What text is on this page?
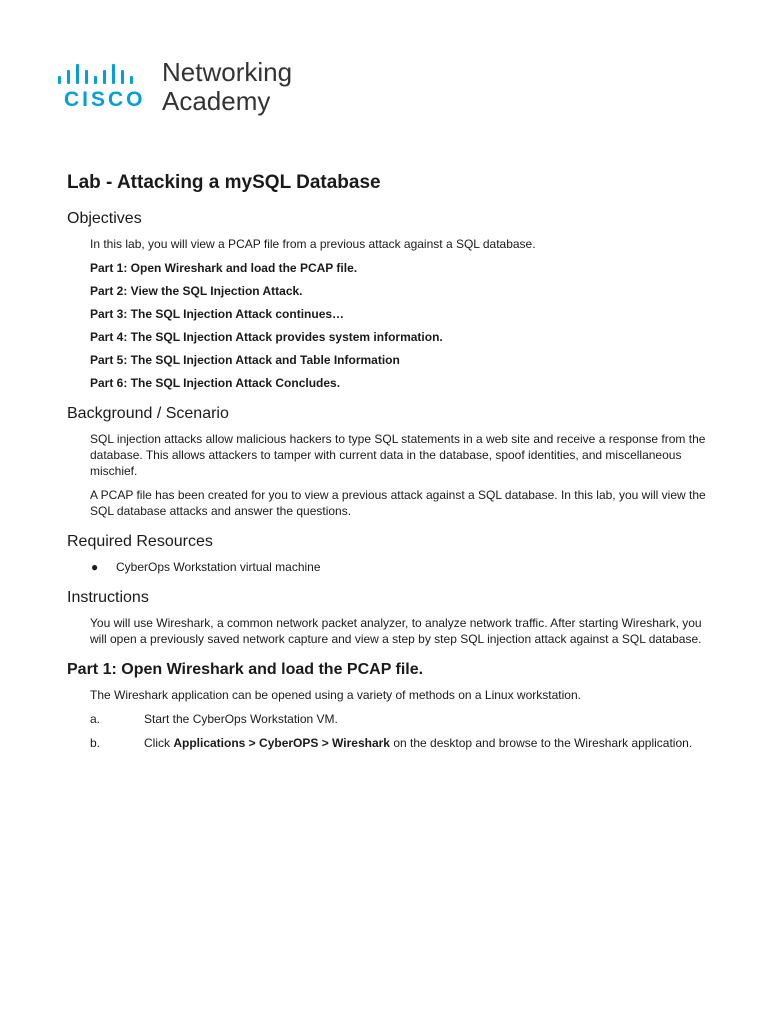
CISCO
Networking
Academy
Lab - Attacking a mySQL Database
Objectives

In this lab, you will view a PCAP file from a previous attack against a SQL database.

Part 1: Open Wireshark and load the PCAP file.

Part 2: View the SQL Injection Attack.

Part 3: The SQL Injection Attack continues…

Part 4: The SQL Injection Attack provides system information.

Part 5: The SQL Injection Attack and Table Information

Part 6: The SQL Injection Attack Concludes.

Background / Scenario

SQL injection attacks allow malicious hackers to type SQL statements in a web site and receive a response from the database. This allows attackers to tamper with current data in the database, spoof identities, and miscellaneous mischief.

A PCAP file has been created for you to view a previous attack against a SQL database. In this lab, you will view the SQL database attacks and answer the questions.

Required Resources
●	CyberOps Workstation virtual machine
Instructions

You will use Wireshark, a common network packet analyzer, to analyze network traffic. After starting Wireshark, you will open a previously saved network capture and view a step by step SQL injection attack against a SQL database.

Part 1: Open Wireshark and load the PCAP file.

The Wireshark application can be opened using a variety of methods on a Linux workstation.

a.	Start the CyberOps Workstation VM.
b.	Click Applications > CyberOPS > Wireshark on the desktop and browse to the Wireshark application.
